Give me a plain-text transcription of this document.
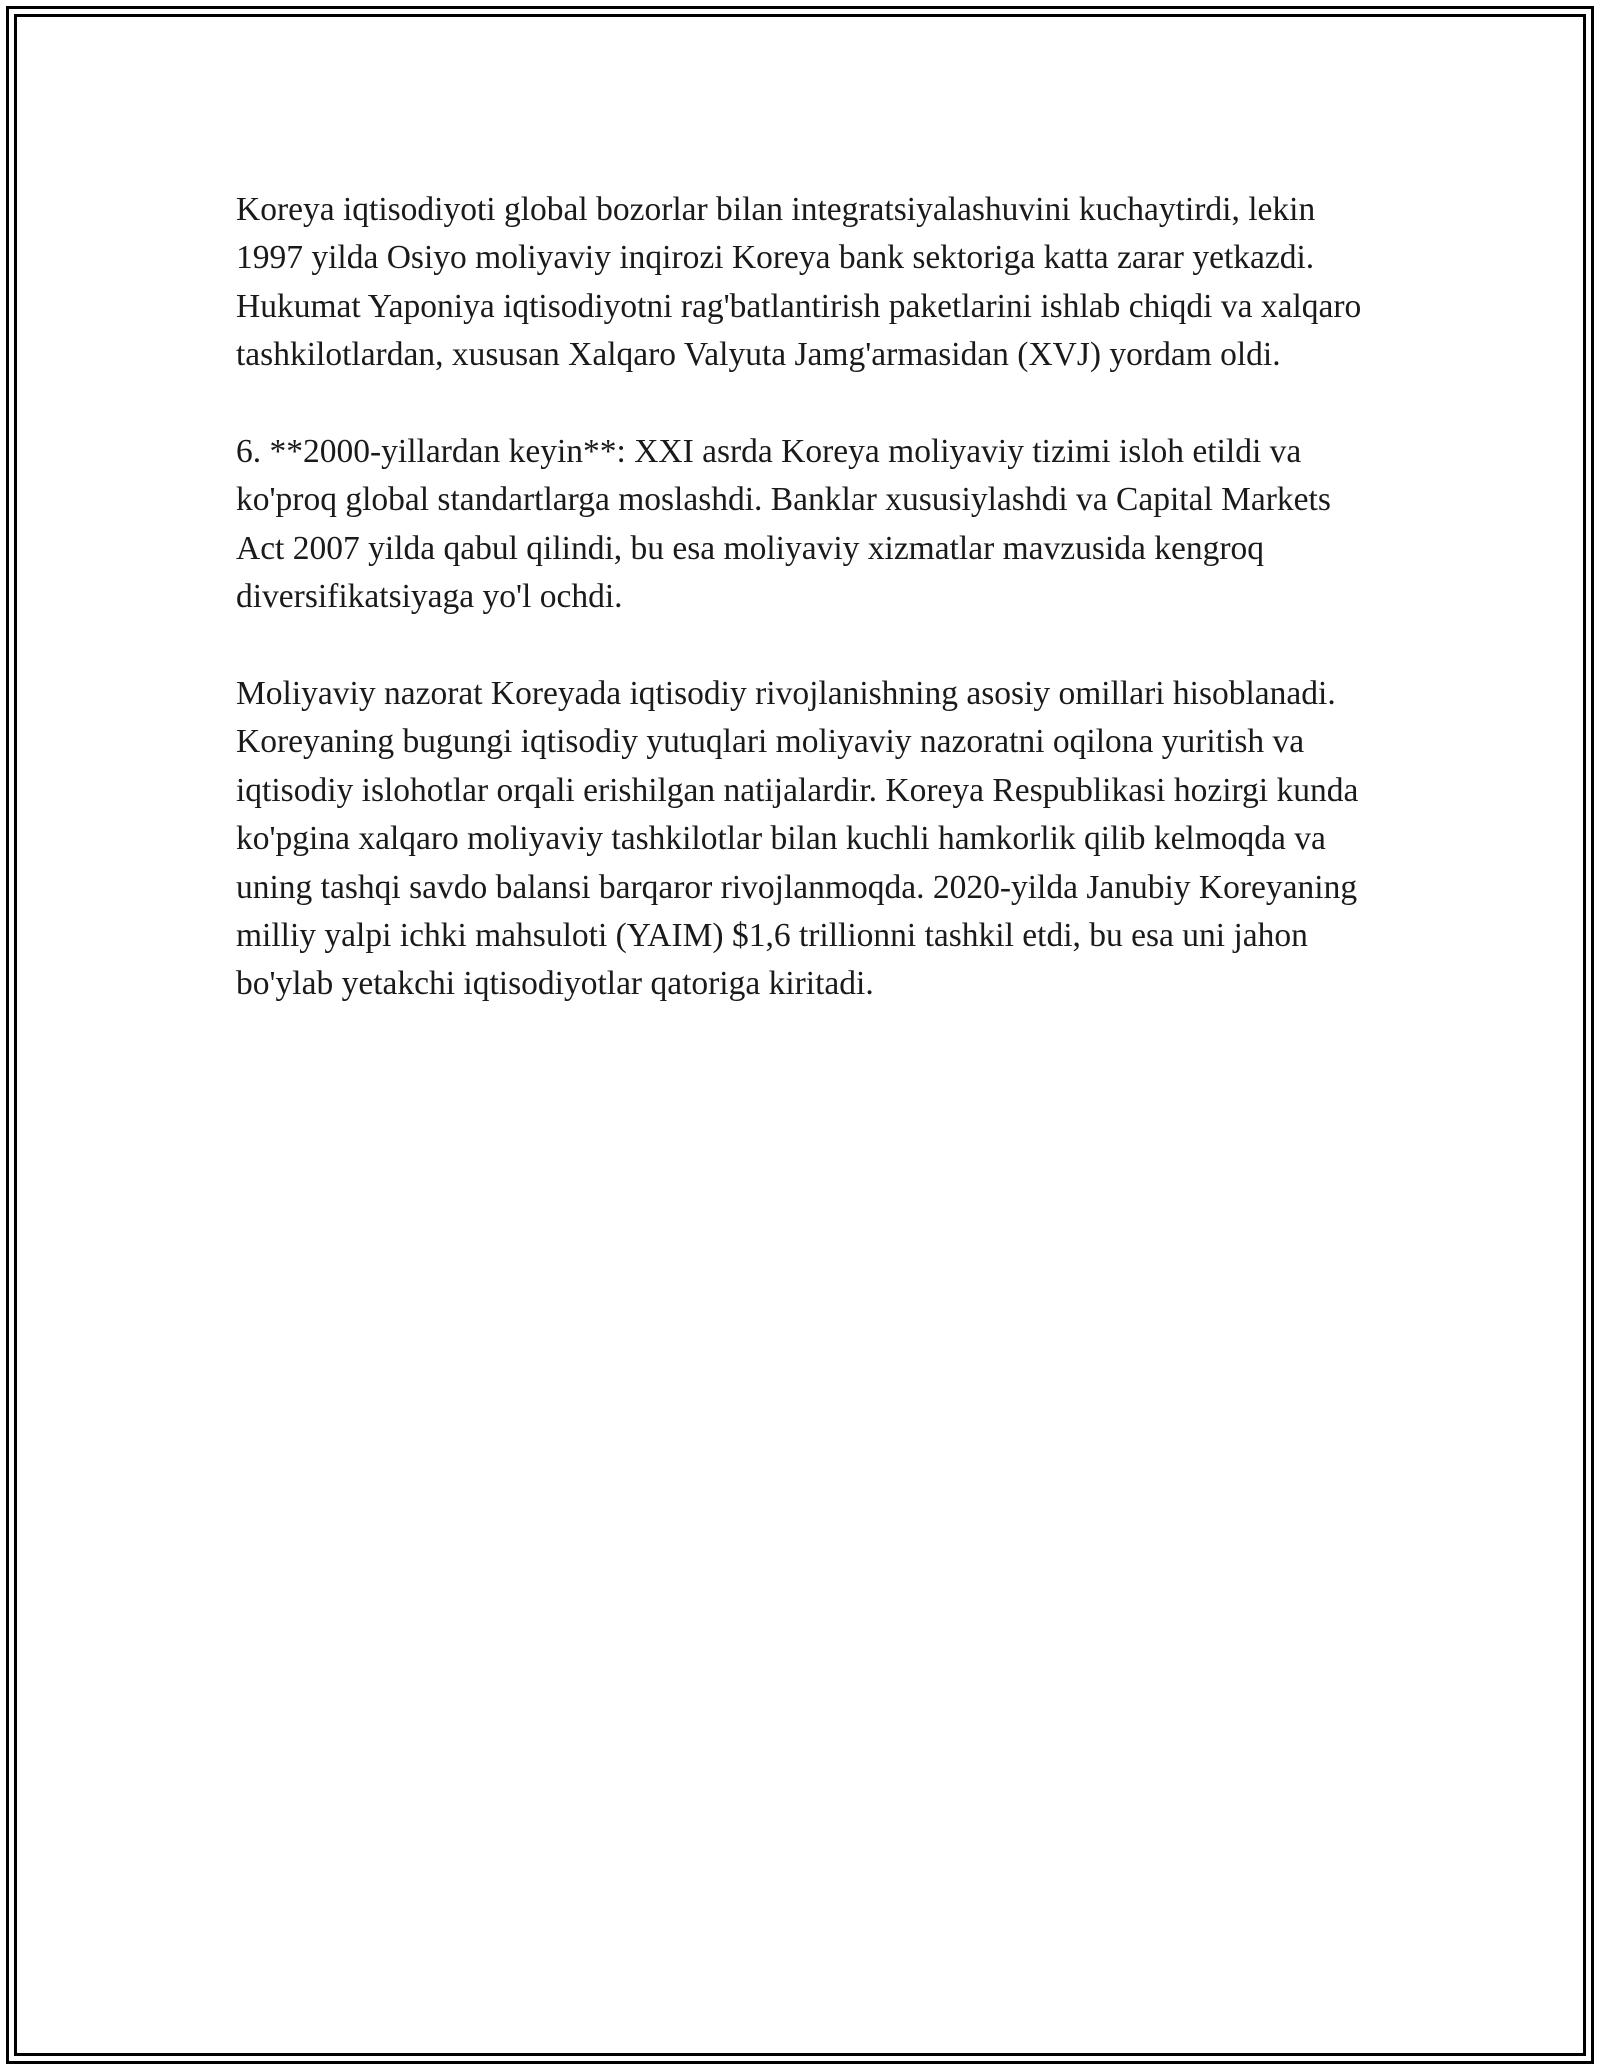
Koreya iqtisodiyoti global bozorlar bilan integratsiyalashuvini kuchaytirdi, lekin 1997 yilda Osiyo moliyaviy inqirozi Koreya bank sektoriga katta zarar yetkazdi. Hukumat Yaponiya iqtisodiyotni rag'batlantirish paketlarini ishlab chiqdi va xalqaro tashkilotlardan, xususan Xalqaro Valyuta Jamg'armasidan (XVJ) yordam oldi.

6. **2000-yillardan keyin**: XXI asrda Koreya moliyaviy tizimi isloh etildi va ko'proq global standartlarga moslashdi. Banklar xususiylashdi va Capital Markets Act 2007 yilda qabul qilindi, bu esa moliyaviy xizmatlar mavzusida kengroq diversifikatsiyaga yo'l ochdi.

Moliyaviy nazorat Koreyada iqtisodiy rivojlanishning asosiy omillari hisoblanadi. Koreyaning bugungi iqtisodiy yutuqlari moliyaviy nazoratni oqilona yuritish va iqtisodiy islohotlar orqali erishilgan natijalardir. Koreya Respublikasi hozirgi kunda ko'pgina xalqaro moliyaviy tashkilotlar bilan kuchli hamkorlik qilib kelmoqda va uning tashqi savdo balansi barqaror rivojlanmoqda. 2020-yilda Janubiy Koreyaning milliy yalpi ichki mahsuloti (YAIM) $1,6 trillionni tashkil etdi, bu esa uni jahon bo'ylab yetakchi iqtisodiyotlar qatoriga kiritadi.
